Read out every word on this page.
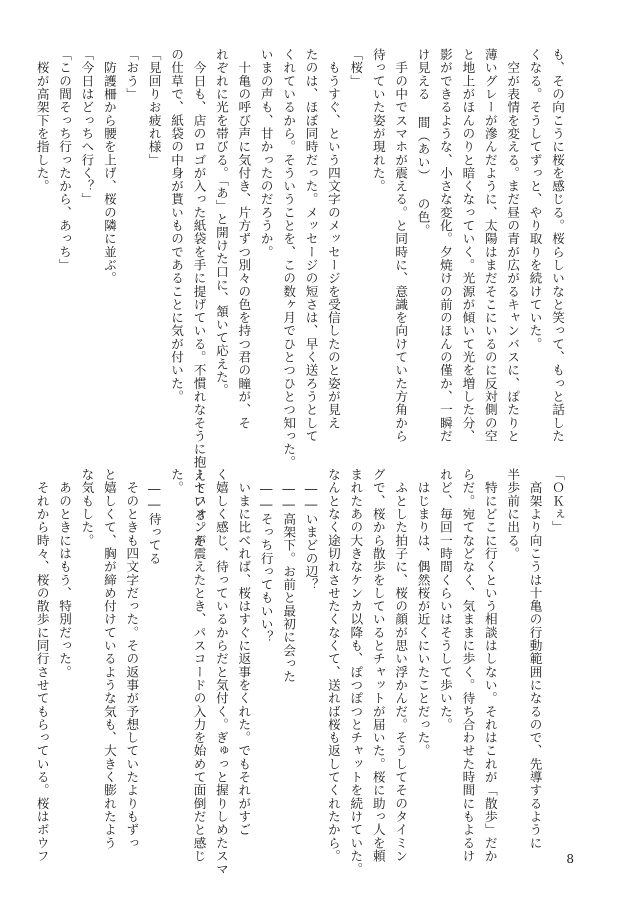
も、その向こうに桜を感じる。桜らしいなと笑って、もっと話した

くなる。そうしてずっと、やり取りを続けていた。

　空が表情を変える。まだ昼の青が広がるキャンバスに、ぽたりと

薄いグレーが滲んだように、太陽はまだそこにいるのに反対側の空

と地上がほんのりと暗くなっていく。光源が傾いて光を増した分、

影ができるような、小さな変化。夕焼けの前のほんの僅か、一瞬だ

け見える 間（あい） の色。

　手の中でスマホが震える。と同時に、意識を向けていた方角から

待っていた姿が現れた。

「桜」

　もうすぐ、という四文字のメッセージを受信したのと姿が見え

たのは、ほぼ同時だった。メッセージの短さは、早く送ろうとして

くれているから。そういうことを、この数ヶ月でひとつひとつ知った。

いまの声も、甘かったのだろうか。

　十亀の呼び声に気付き、片方ずつ別々の色を持つ君の瞳が、そ

れぞれに光を帯びる。「あ」と開けた口に、頷いて応えた。

　今日も、店のロゴが入った紙袋を手に提げている。不慣れなそうに抱えている。そ

の仕草で、紙袋の中身が貰いものであることに気が付いた。

「見回りお疲れ様」

「おう」

　防護柵から腰を上げ、桜の隣に並ぶ。

「今日はどっちへ行く？」

「この間そっち行ったから、あっち」

　桜が高架下を指した。

「ＯＫぇ」

　高架より向こうは十亀の行動範囲になるので、先導するように

半歩前に出る。

　特にどこに行くという相談はしない。それはこれが「散歩」だか

らだ。宛てなどなく、気ままに歩く。待ち合わせた時間にもよるけ

れど、毎回一時間くらいはそうして歩いた。

　はじまりは、偶然桜が近くにいたことだった。

　ふとした拍子に、桜の顔が思い浮かんだ。そうしてそのタイミン

グで、桜から散歩をしているとチャットが届いた。桜に助っ人を頼

まれたあの大きなケンカ以降も、ぽつぽつとチャットを続けていた。

なんとなく途切れさせたくなくて、送れば桜も返してくれたから。

　――いまどの辺？

　――高架下。お前と最初に会った

　――そっち行ってもいい？

　いまに比べれば、桜はすぐに返事をくれた。でもそれがすご

く嬉しく感じ、待っているからだと気付く。ぎゅっと握りしめたスマ

ートフォンが震えたとき、パスコードの入力を始めて面倒だと感じ

た。

　――待ってる

　そのときも四文字だった。その返事が予想していたよりもずっ

と嬉しくて、胸が締め付けているような気も、大きく膨れたよう

な気もした。

　あのときにはもう、特別だった。

　それから時々、桜の散歩に同行させてもらっている。桜はボウフ	8
